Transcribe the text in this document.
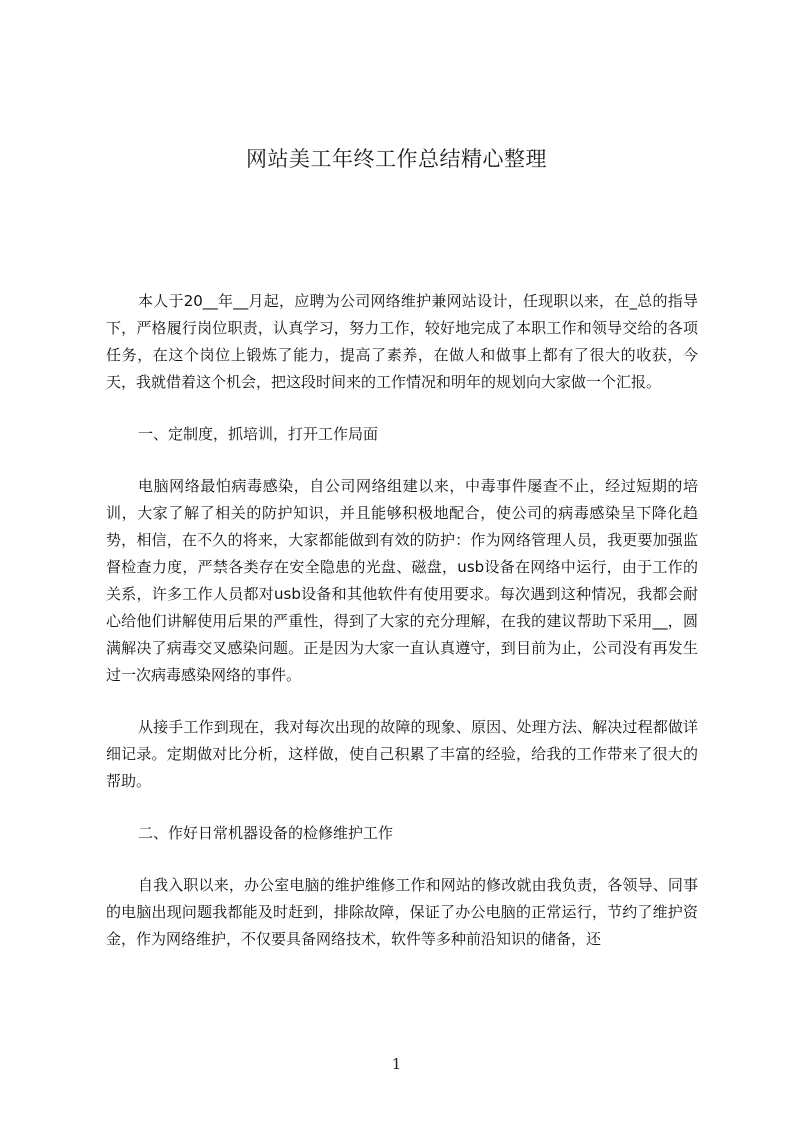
网站美工年终工作总结精心整理

本人于20__年__月起，应聘为公司网络维护兼网站设计，任现职以来，在_总的指导下，严格履行岗位职责，认真学习，努力工作，较好地完成了本职工作和领导交给的各项任务，在这个岗位上锻炼了能力，提高了素养，在做人和做事上都有了很大的收获，今天，我就借着这个机会，把这段时间来的工作情况和明年的规划向大家做一个汇报。

一、定制度，抓培训，打开工作局面

电脑网络最怕病毒感染，自公司网络组建以来，中毒事件屡查不止，经过短期的培训，大家了解了相关的防护知识，并且能够积极地配合，使公司的病毒感染呈下降化趋势，相信，在不久的将来，大家都能做到有效的防护：作为网络管理人员，我更要加强监督检查力度，严禁各类存在安全隐患的光盘、磁盘，usb设备在网络中运行，由于工作的关系，许多工作人员都对usb设备和其他软件有使用要求。每次遇到这种情况，我都会耐心给他们讲解使用后果的严重性，得到了大家的充分理解，在我的建议帮助下采用__，圆满解决了病毒交叉感染问题。正是因为大家一直认真遵守，到目前为止，公司没有再发生过一次病毒感染网络的事件。

从接手工作到现在，我对每次出现的故障的现象、原因、处理方法、解决过程都做详细记录。定期做对比分析，这样做，使自己积累了丰富的经验，给我的工作带来了很大的帮助。

二、作好日常机器设备的检修维护工作

自我入职以来，办公室电脑的维护维修工作和网站的修改就由我负责，各领导、同事的电脑出现问题我都能及时赶到，排除故障，保证了办公电脑的正常运行，节约了维护资金，作为网络维护，不仅要具备网络技术，软件等多种前沿知识的储备，还

1
